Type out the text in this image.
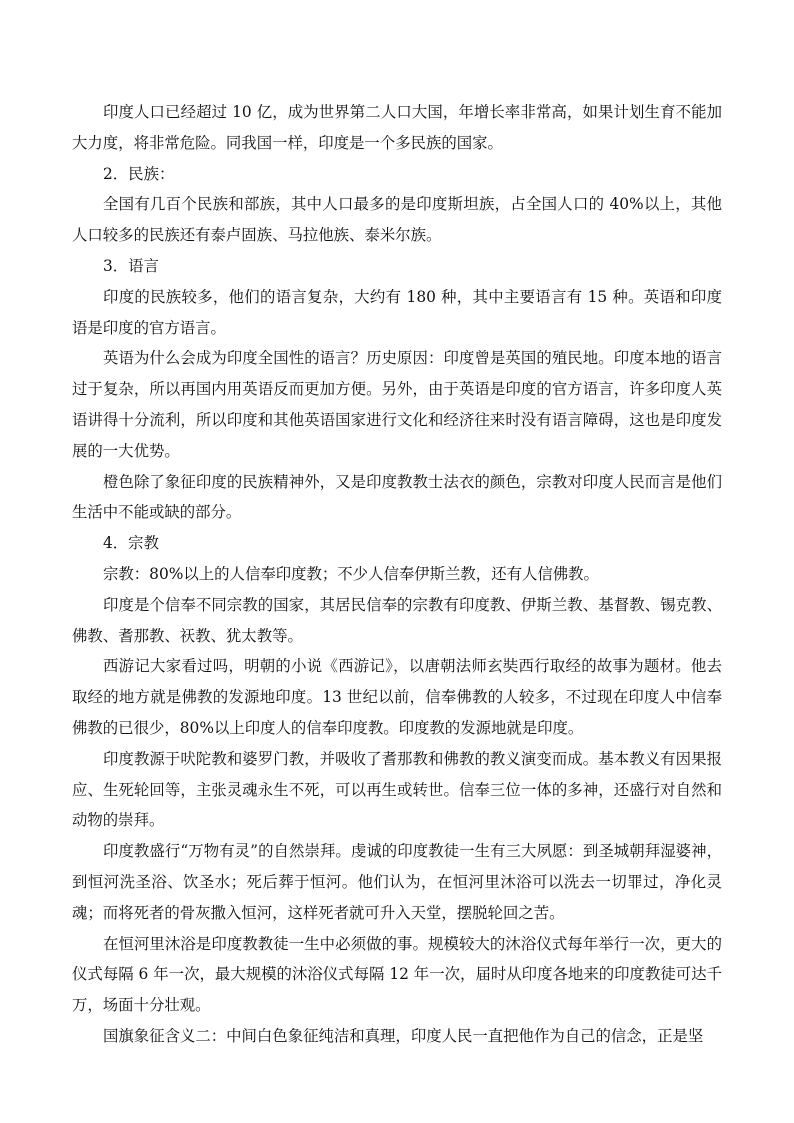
印度人口已经超过 10 亿，成为世界第二人口大国，年增长率非常高，如果计划生育不能加大力度，将非常危险。同我国一样，印度是一个多民族的国家。

2．民族：

全国有几百个民族和部族，其中人口最多的是印度斯坦族，占全国人口的 40%以上，其他人口较多的民族还有泰卢固族、马拉他族、泰米尔族。

3．语言

印度的民族较多，他们的语言复杂，大约有 180 种，其中主要语言有 15 种。英语和印度语是印度的官方语言。

英语为什么会成为印度全国性的语言？历史原因：印度曾是英国的殖民地。印度本地的语言过于复杂，所以再国内用英语反而更加方便。另外，由于英语是印度的官方语言，许多印度人英语讲得十分流利，所以印度和其他英语国家进行文化和经济往来时没有语言障碍，这也是印度发展的一大优势。

橙色除了象征印度的民族精神外，又是印度教教士法衣的颜色，宗教对印度人民而言是他们生活中不能或缺的部分。

4．宗教

宗教：80%以上的人信奉印度教；不少人信奉伊斯兰教，还有人信佛教。

印度是个信奉不同宗教的国家，其居民信奉的宗教有印度教、伊斯兰教、基督教、锡克教、佛教、耆那教、祆教、犹太教等。

西游记大家看过吗，明朝的小说《西游记》，以唐朝法师玄奘西行取经的故事为题材。他去取经的地方就是佛教的发源地印度。13 世纪以前，信奉佛教的人较多，不过现在印度人中信奉佛教的已很少，80%以上印度人的信奉印度教。印度教的发源地就是印度。

印度教源于吠陀教和婆罗门教，并吸收了耆那教和佛教的教义演变而成。基本教义有因果报应、生死轮回等，主张灵魂永生不死，可以再生或转世。信奉三位一体的多神，还盛行对自然和动物的崇拜。

印度教盛行“万物有灵”的自然崇拜。虔诚的印度教徒一生有三大夙愿：到圣城朝拜湿婆神，到恒河洗圣浴、饮圣水；死后葬于恒河。他们认为，在恒河里沐浴可以洗去一切罪过，净化灵魂；而将死者的骨灰撒入恒河，这样死者就可升入天堂，摆脱轮回之苦。

在恒河里沐浴是印度教教徒一生中必须做的事。规模较大的沐浴仪式每年举行一次，更大的仪式每隔 6 年一次，最大规模的沐浴仪式每隔 12 年一次，届时从印度各地来的印度教徒可达千万，场面十分壮观。

国旗象征含义二：中间白色象征纯洁和真理，印度人民一直把他作为自己的信念，正是坚
